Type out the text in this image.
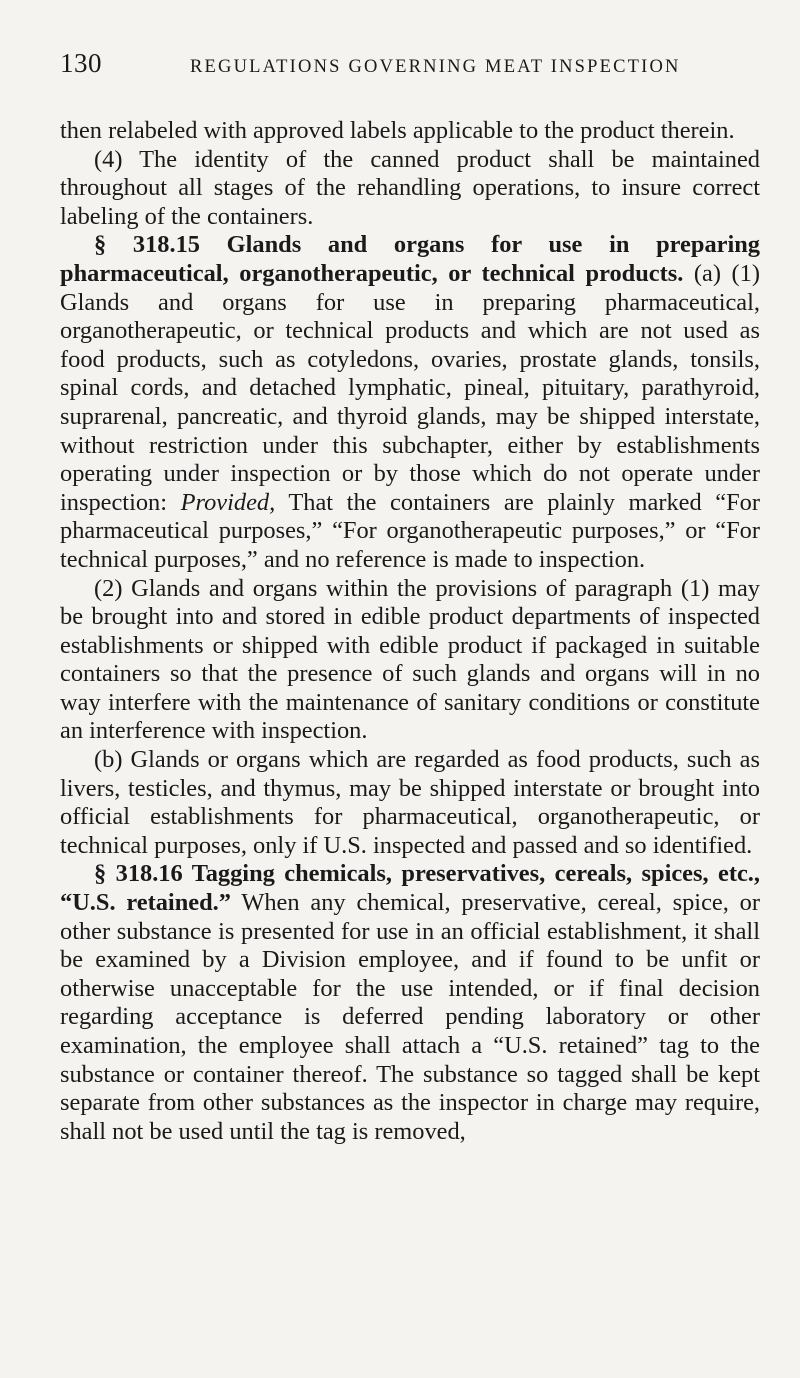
130	REGULATIONS GOVERNING MEAT INSPECTION

then relabeled with approved labels applicable to the product therein.

(4) The identity of the canned product shall be maintained throughout all stages of the rehandling operations, to insure correct labeling of the containers.

§ 318.15 Glands and organs for use in preparing pharmaceutical, organotherapeutic, or technical products. (a) (1) Glands and organs for use in preparing pharmaceutical, organotherapeutic, or technical products and which are not used as food products, such as cotyledons, ovaries, prostate glands, tonsils, spinal cords, and detached lymphatic, pineal, pituitary, parathyroid, suprarenal, pancreatic, and thyroid glands, may be shipped interstate, without restriction under this subchapter, either by establishments operating under inspection or by those which do not operate under inspection: Provided, That the containers are plainly marked “For pharmaceutical purposes,” “For organotherapeutic purposes,” or “For technical purposes,” and no reference is made to inspection.

(2) Glands and organs within the provisions of paragraph (1) may be brought into and stored in edible product departments of inspected establishments or shipped with edible product if packaged in suitable containers so that the presence of such glands and organs will in no way interfere with the maintenance of sanitary conditions or constitute an interference with inspection.

(b) Glands or organs which are regarded as food products, such as livers, testicles, and thymus, may be shipped interstate or brought into official establishments for pharmaceutical, organotherapeutic, or technical purposes, only if U.S. inspected and passed and so identified.

§ 318.16 Tagging chemicals, preservatives, cereals, spices, etc., “U.S. retained.” When any chemical, preservative, cereal, spice, or other substance is presented for use in an official establishment, it shall be examined by a Division employee, and if found to be unfit or otherwise unacceptable for the use intended, or if final decision regarding acceptance is deferred pending laboratory or other examination, the employee shall attach a “U.S. retained” tag to the substance or container thereof. The substance so tagged shall be kept separate from other substances as the inspector in charge may require, shall not be used until the tag is removed,
